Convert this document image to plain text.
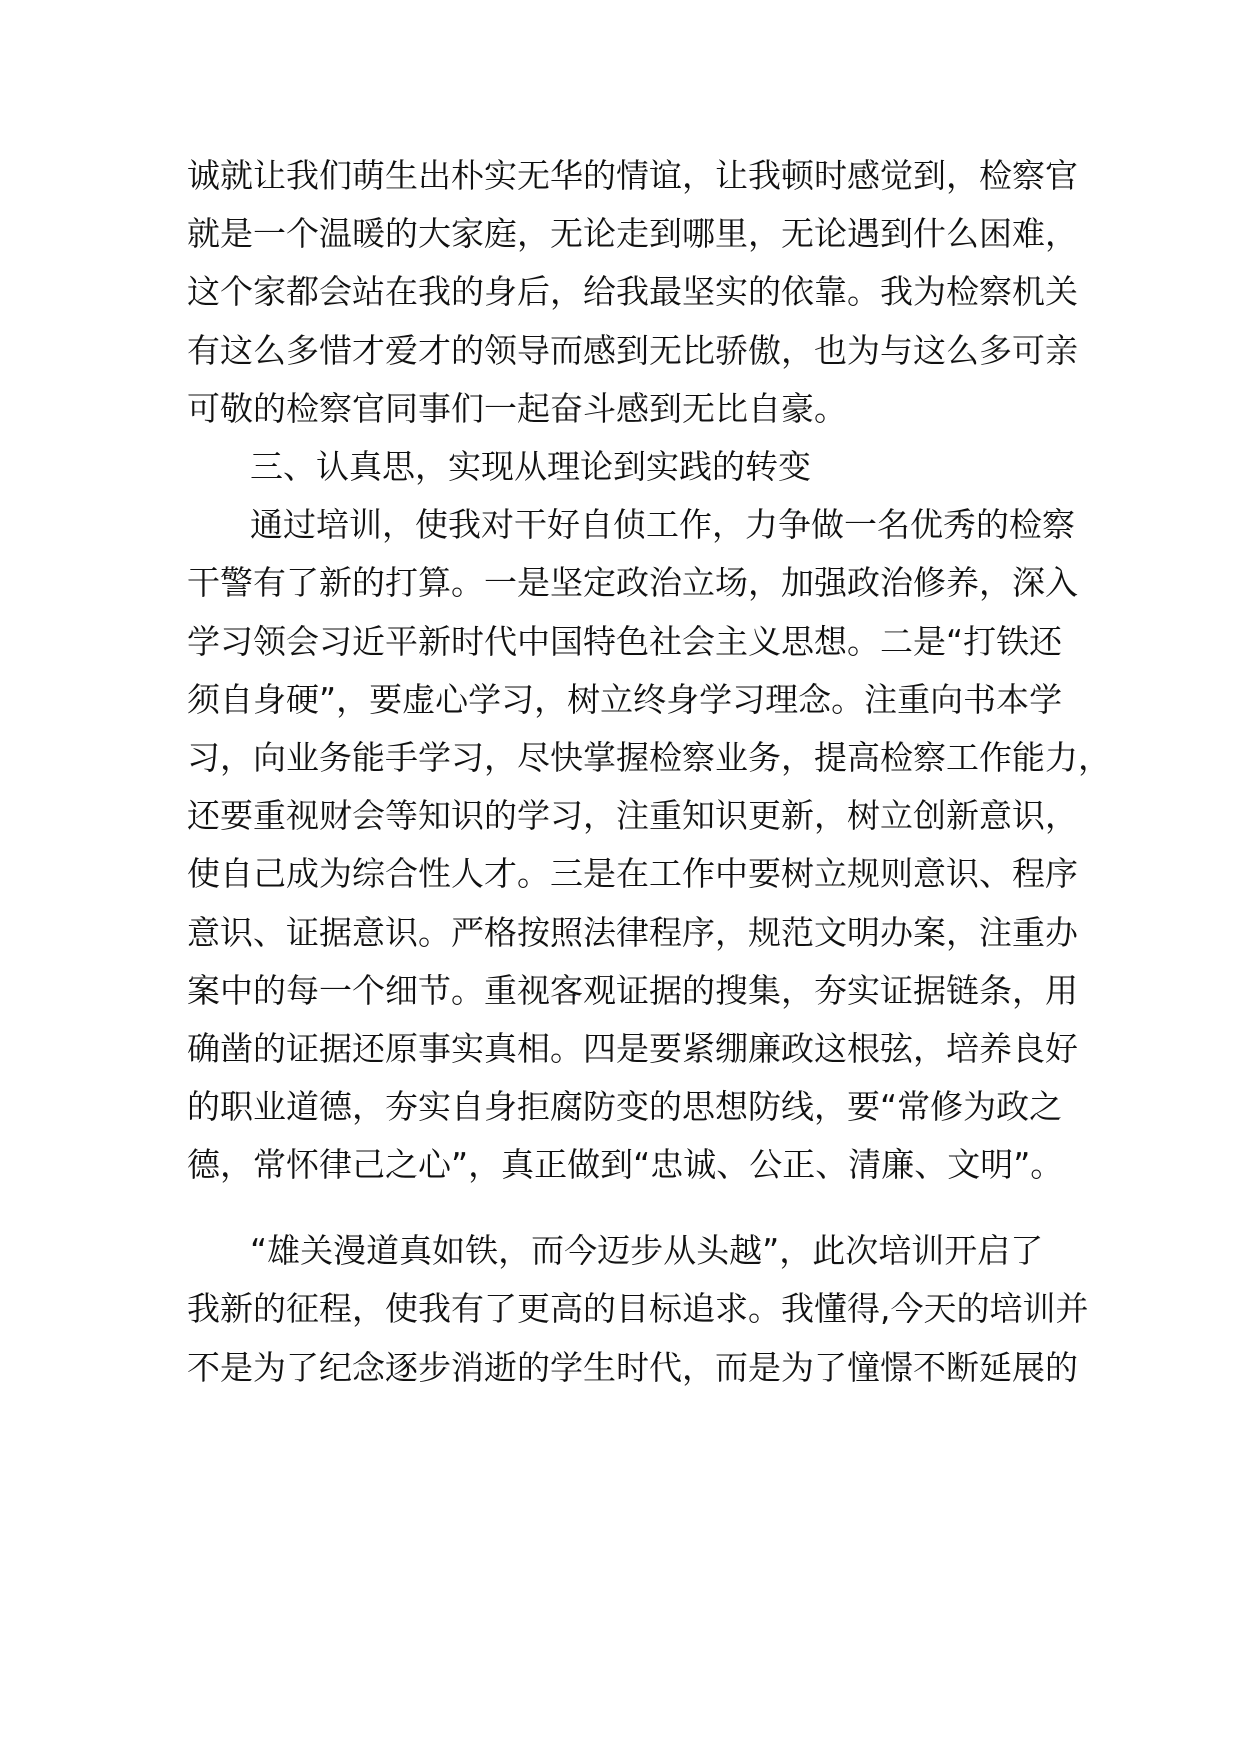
诚就让我们萌生出朴实无华的情谊，让我顿时感觉到，检察官
就是一个温暖的大家庭，无论走到哪里，无论遇到什么困难，
这个家都会站在我的身后，给我最坚实的依靠。我为检察机关
有这么多惜才爱才的领导而感到无比骄傲，也为与这么多可亲
可敬的检察官同事们一起奋斗感到无比自豪。
三、认真思，实现从理论到实践的转变
通过培训，使我对干好自侦工作，力争做一名优秀的检察
干警有了新的打算。一是坚定政治立场，加强政治修养，深入
学习领会习近平新时代中国特色社会主义思想。二是“打铁还
须自身硬”，要虚心学习，树立终身学习理念。注重向书本学
习，向业务能手学习，尽快掌握检察业务，提高检察工作能力，
还要重视财会等知识的学习，注重知识更新，树立创新意识，
使自己成为综合性人才。三是在工作中要树立规则意识、程序
意识、证据意识。严格按照法律程序，规范文明办案，注重办
案中的每一个细节。重视客观证据的搜集，夯实证据链条，用
确凿的证据还原事实真相。四是要紧绷廉政这根弦，培养良好
的职业道德，夯实自身拒腐防变的思想防线，要“常修为政之
德，常怀律己之心”，真正做到“忠诚、公正、清廉、文明”。
“雄关漫道真如铁，而今迈步从头越”，此次培训开启了
我新的征程，使我有了更高的目标追求。我懂得,今天的培训并
不是为了纪念逐步消逝的学生时代，而是为了憧憬不断延展的
